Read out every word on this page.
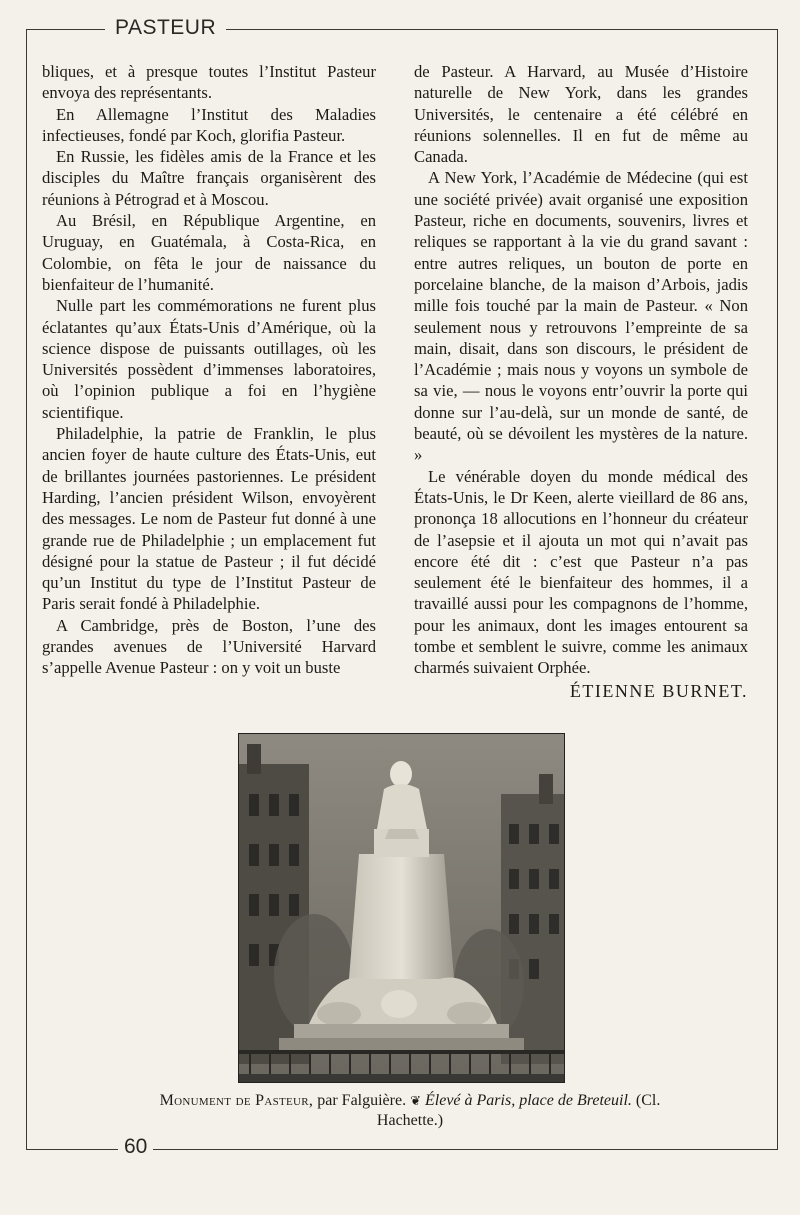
PASTEUR

bliques, et à presque toutes l’Institut Pasteur envoya des représentants.

En Allemagne l’Institut des Maladies infectieuses, fondé par Koch, glorifia Pasteur.

En Russie, les fidèles amis de la France et les disciples du Maître français organisèrent des réunions à Pétrograd et à Moscou.

Au Brésil, en République Argentine, en Uruguay, en Guatémala, à Costa-Rica, en Colombie, on fêta le jour de naissance du bienfaiteur de l’humanité.

Nulle part les commémorations ne furent plus éclatantes qu’aux États-Unis d’Amérique, où la science dispose de puissants outillages, où les Universités possèdent d’immenses laboratoires, où l’opinion publique a foi en l’hygiène scientifique.

Philadelphie, la patrie de Franklin, le plus ancien foyer de haute culture des États-Unis, eut de brillantes journées pastoriennes. Le président Harding, l’ancien président Wilson, envoyèrent des messages. Le nom de Pasteur fut donné à une grande rue de Philadelphie ; un emplacement fut désigné pour la statue de Pasteur ; il fut décidé qu’un Institut du type de l’Institut Pasteur de Paris serait fondé à Philadelphie.

A Cambridge, près de Boston, l’une des grandes avenues de l’Université Harvard s’appelle Avenue Pasteur : on y voit un buste

de Pasteur. A Harvard, au Musée d’Histoire naturelle de New York, dans les grandes Universités, le centenaire a été célébré en réunions solennelles. Il en fut de même au Canada.

A New York, l’Académie de Médecine (qui est une société privée) avait organisé une exposition Pasteur, riche en documents, souvenirs, livres et reliques se rapportant à la vie du grand savant : entre autres reliques, un bouton de porte en porcelaine blanche, de la maison d’Arbois, jadis mille fois touché par la main de Pasteur. « Non seulement nous y retrouvons l’empreinte de sa main, disait, dans son discours, le président de l’Académie ; mais nous y voyons un symbole de sa vie, — nous le voyons entr’ouvrir la porte qui donne sur l’au-delà, sur un monde de santé, de beauté, où se dévoilent les mystères de la nature. »

Le vénérable doyen du monde médical des États-Unis, le Dr Keen, alerte vieillard de 86 ans, prononça 18 allocutions en l’honneur du créateur de l’asepsie et il ajouta un mot qui n’avait pas encore été dit : c’est que Pasteur n’a pas seulement été le bienfaiteur des hommes, il a travaillé aussi pour les compagnons de l’homme, pour les animaux, dont les images entourent sa tombe et semblent le suivre, comme les animaux charmés suivaient Orphée.

ÉTIENNE BURNET.
Monument de Pasteur, par Falguière. ❦ Élevé à Paris, place de Breteuil. (Cl. Hachette.)
60
